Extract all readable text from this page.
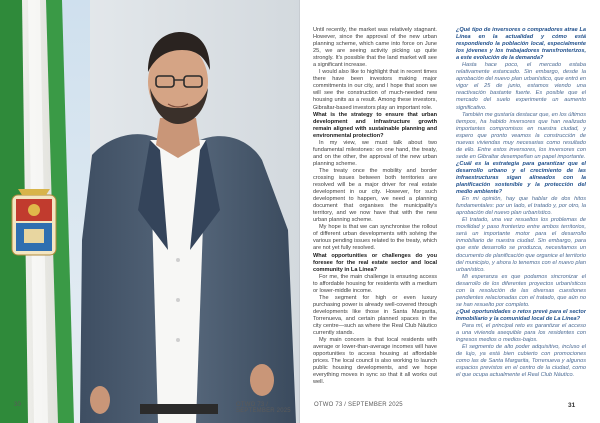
30	OTWO 73 / SEPTEMBER 2025

Until recently, the market was relatively stagnant. However, since the approval of the new urban planning scheme, which came into force on June 25, we are seeing activity picking up quite strongly. It's possible that the land market will see a significant increase.

I would also like to highlight that in recent times there have been investors making major commitments in our city, and I hope that soon we will see the construction of much-needed new housing units as a result. Among these investors, Gibraltar-based investors play an important role.

What is the strategy to ensure that urban development and infrastructure growth remain aligned with sustainable planning and environmental protection?

In my view, we must talk about two fundamental milestones: on one hand, the treaty, and on the other, the approval of the new urban planning scheme.

The treaty once the mobility and border crossing issues between both territories are resolved will be a major driver for real estate development in our city. However, for such development to happen, we need a planning document that organises the municipality's territory, and we now have that with the new urban planning scheme.

My hope is that we can synchronise the rollout of different urban developments with solving the various pending issues related to the treaty, which are not yet fully resolved.

What opportunities or challenges do you foresee for the real estate sector and local community in La Línea?

For me, the main challenge is ensuring access to affordable housing for residents with a medium or lower-middle income.

The segment for high or even luxury purchasing power is already well-covered through developments like those in Santa Margarita, Torrenueva, and certain planned spaces in the city centre—such as where the Real Club Náutico currently stands.

My main concern is that local residents with average or lower-than-average incomes will have opportunities to access housing at affordable prices. The local council is also working to launch public housing developments, and we hope everything moves in sync so that it all works out well.

¿Qué tipo de inversores o compradores atrae La Línea en la actualidad y cómo está respondiendo la población local, especialmente los jóvenes y los trabajadores transfronterizos, a este evolución de la demanda?

Hasta hace poco, el mercado estaba relativamente estancado. Sin embargo, desde la aprobación del nuevo plan urbanístico, que entró en vigor el 25 de junio, estamos viendo una reactivación bastante fuerte. Es posible que el mercado del suelo experimente un aumento significativo.

También me gustaría destacar que, en los últimos tiempos, ha habido inversores que han realizado importantes compromisos en nuestra ciudad, y espero que pronto veamos la construcción de nuevas viviendas muy necesarias como resultado de ello. Entre estos inversores, los inversores con sede en Gibraltar desempeñan un papel importante.

¿Cuál es la estrategia para garantizar que el desarrollo urbano y el crecimiento de las infraestructuras sigan alineados con la planificación sostenible y la protección del medio ambiente?

En mi opinión, hay que hablar de dos hitos fundamentales: por un lado, el tratado y, por otro, la aprobación del nuevo plan urbanístico.

El tratado, una vez resueltos los problemas de movilidad y paso fronterizo entre ambos territorios, será un importante motor para el desarrollo inmobiliario de nuestra ciudad. Sin embargo, para que este desarrollo se produzca, necesitamos un documento de planificación que organice el territorio del municipio, y ahora lo tenemos con el nuevo plan urbanístico.

Mi esperanza es que podamos sincronizar el desarrollo de los diferentes proyectos urbanísticos con la resolución de las diversas cuestiones pendientes relacionadas con el tratado, que aún no se han resuelto por completo.

¿Qué oportunidades o retos prevé para el sector inmobiliario y la comunidad local de La Línea?

Para mí, el principal reto es garantizar el acceso a una vivienda asequible para los residentes con ingresos medios o medios-bajos.

El segmento de alto poder adquisitivo, incluso el de lujo, ya está bien cubierto con promociones como las de Santa Margarita, Torrenueva y algunos espacios previstos en el centro de la ciudad, como el que ocupa actualmente el Real Club Náutico.

OTWO 73 / SEPTEMBER 2025	31
